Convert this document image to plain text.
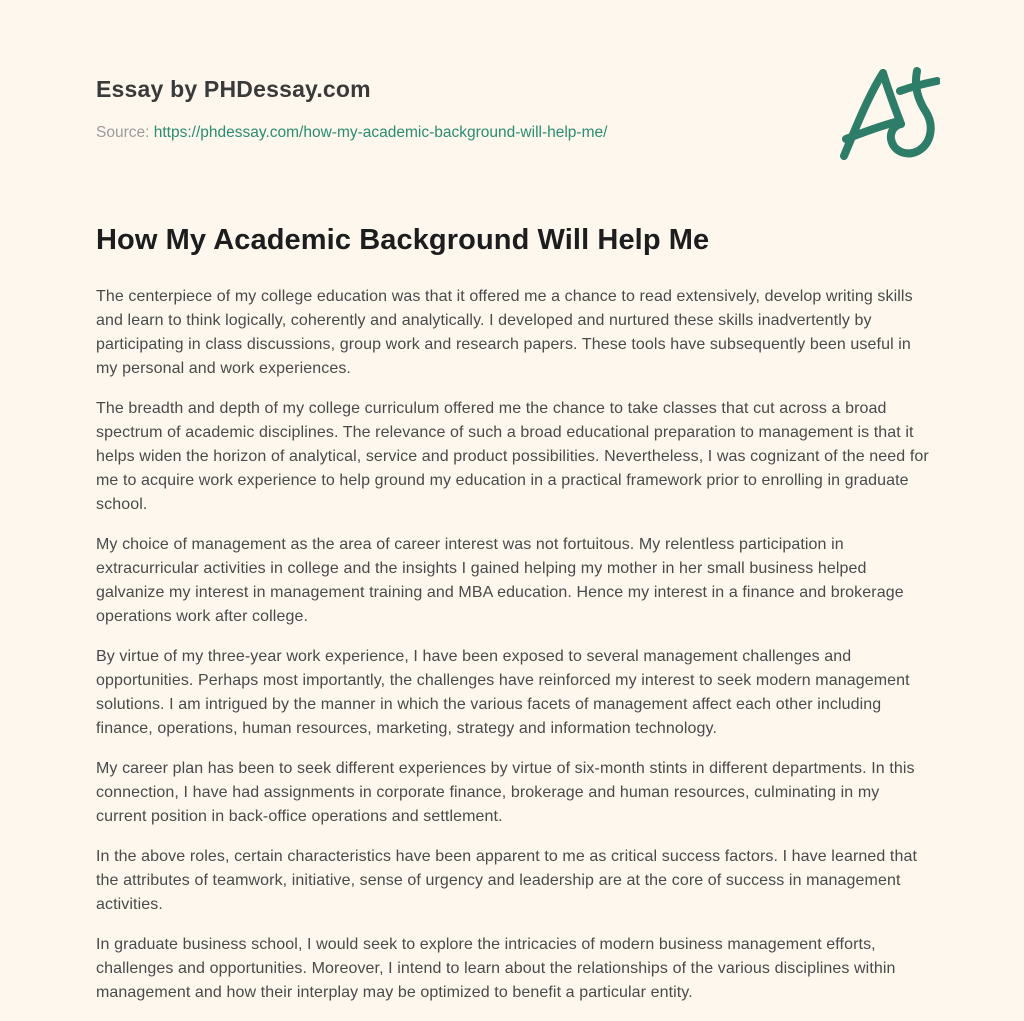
Essay by PHDessay.com

Source: https://phdessay.com/how-my-academic-background-will-help-me/

How My Academic Background Will Help Me

The centerpiece of my college education was that it offered me a chance to read extensively, develop writing skills and learn to think logically, coherently and analytically. I developed and nurtured these skills inadvertently by participating in class discussions, group work and research papers. These tools have subsequently been useful in my personal and work experiences.

The breadth and depth of my college curriculum offered me the chance to take classes that cut across a broad spectrum of academic disciplines. The relevance of such a broad educational preparation to management is that it helps widen the horizon of analytical, service and product possibilities. Nevertheless, I was cognizant of the need for me to acquire work experience to help ground my education in a practical framework prior to enrolling in graduate school.

My choice of management as the area of career interest was not fortuitous. My relentless participation in extracurricular activities in college and the insights I gained helping my mother in her small business helped galvanize my interest in management training and MBA education. Hence my interest in a finance and brokerage operations work after college.

By virtue of my three-year work experience, I have been exposed to several management challenges and opportunities. Perhaps most importantly, the challenges have reinforced my interest to seek modern management solutions. I am intrigued by the manner in which the various facets of management affect each other including finance, operations, human resources, marketing, strategy and information technology.

My career plan has been to seek different experiences by virtue of six-month stints in different departments. In this connection, I have had assignments in corporate finance, brokerage and human resources, culminating in my current position in back-office operations and settlement.

In the above roles, certain characteristics have been apparent to me as critical success factors. I have learned that the attributes of teamwork, initiative, sense of urgency and leadership are at the core of success in management activities.

In graduate business school, I would seek to explore the intricacies of modern business management efforts, challenges and opportunities. Moreover, I intend to learn about the relationships of the various disciplines within management and how their interplay may be optimized to benefit a particular entity.
